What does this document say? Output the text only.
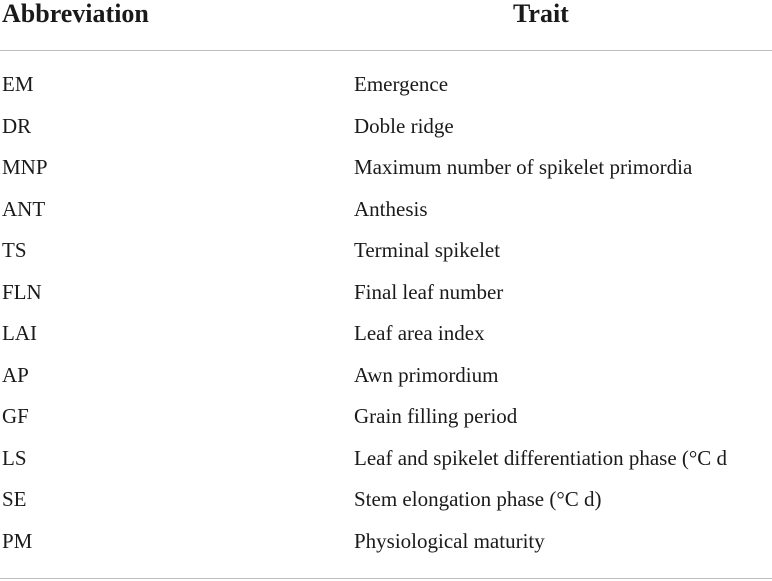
Abbreviation	Trait
EM	Emergence
DR	Doble ridge
MNP	Maximum number of spikelet primordia
ANT	Anthesis
TS	Terminal spikelet
FLN	Final leaf number
LAI	Leaf area index
AP	Awn primordium
GF	Grain filling period
LS	Leaf and spikelet differentiation phase (°C d
SE	Stem elongation phase (°C d)
PM	Physiological maturity
